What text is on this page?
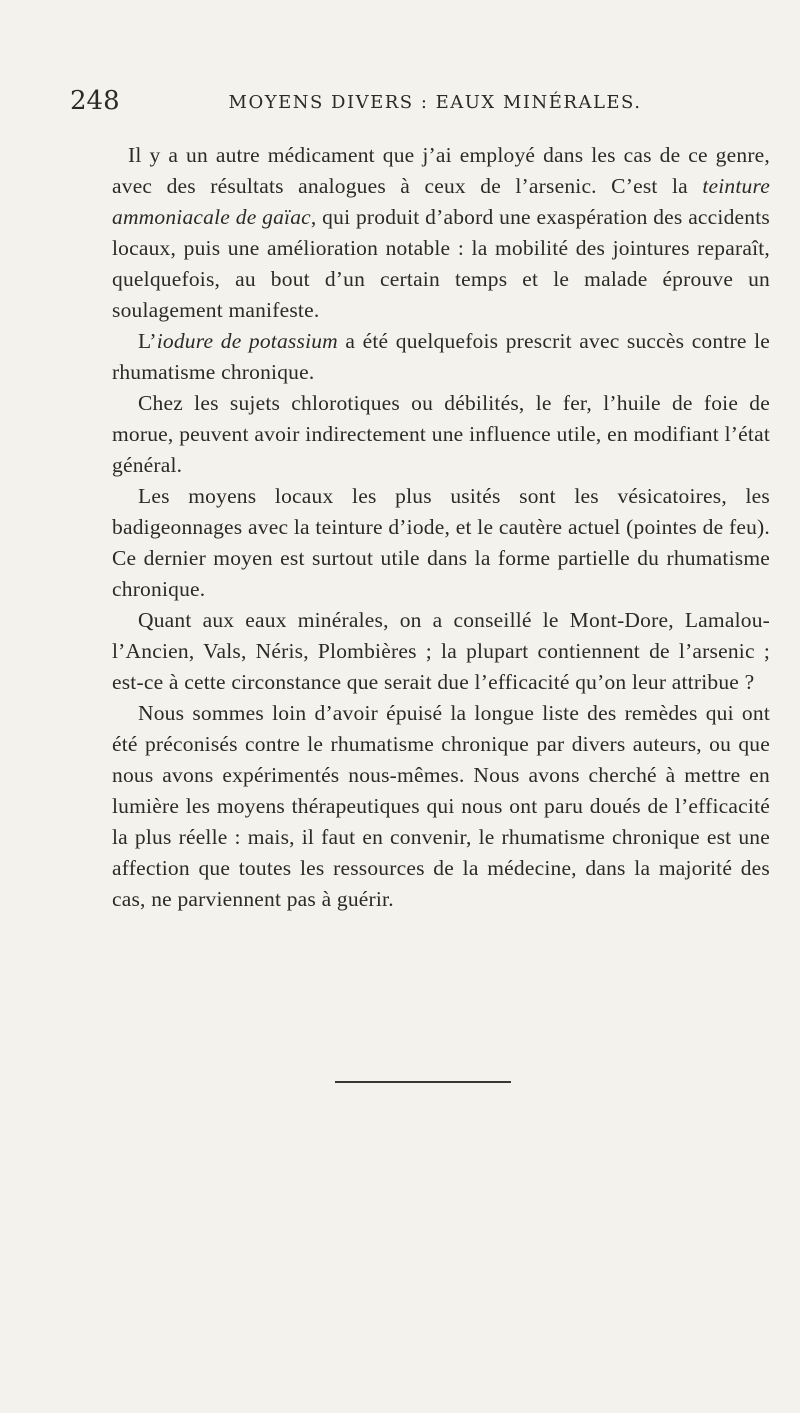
248	MOYENS DIVERS : EAUX MINÉRALES.

Il y a un autre médicament que j’ai employé dans les cas de ce genre, avec des résultats analogues à ceux de l’arsenic. C’est la teinture ammoniacale de gaïac, qui produit d’abord une exaspération des accidents locaux, puis une amélioration notable : la mobilité des jointures reparaît, quelquefois, au bout d’un certain temps et le malade éprouve un soulagement manifeste.

L’iodure de potassium a été quelquefois prescrit avec succès contre le rhumatisme chronique.

Chez les sujets chlorotiques ou débilités, le fer, l’huile de foie de morue, peuvent avoir indirectement une influence utile, en modifiant l’état général.

Les moyens locaux les plus usités sont les vésicatoires, les badigeonnages avec la teinture d’iode, et le cautère actuel (pointes de feu). Ce dernier moyen est surtout utile dans la forme partielle du rhumatisme chronique.

Quant aux eaux minérales, on a conseillé le Mont-Dore, Lamalou-l’Ancien, Vals, Néris, Plombières ; la plupart contiennent de l’arsenic ; est-ce à cette circonstance que serait due l’efficacité qu’on leur attribue ?

Nous sommes loin d’avoir épuisé la longue liste des remèdes qui ont été préconisés contre le rhumatisme chronique par divers auteurs, ou que nous avons expérimentés nous-mêmes. Nous avons cherché à mettre en lumière les moyens thérapeutiques qui nous ont paru doués de l’efficacité la plus réelle : mais, il faut en convenir, le rhumatisme chronique est une affection que toutes les ressources de la médecine, dans la majorité des cas, ne parviennent pas à guérir.
